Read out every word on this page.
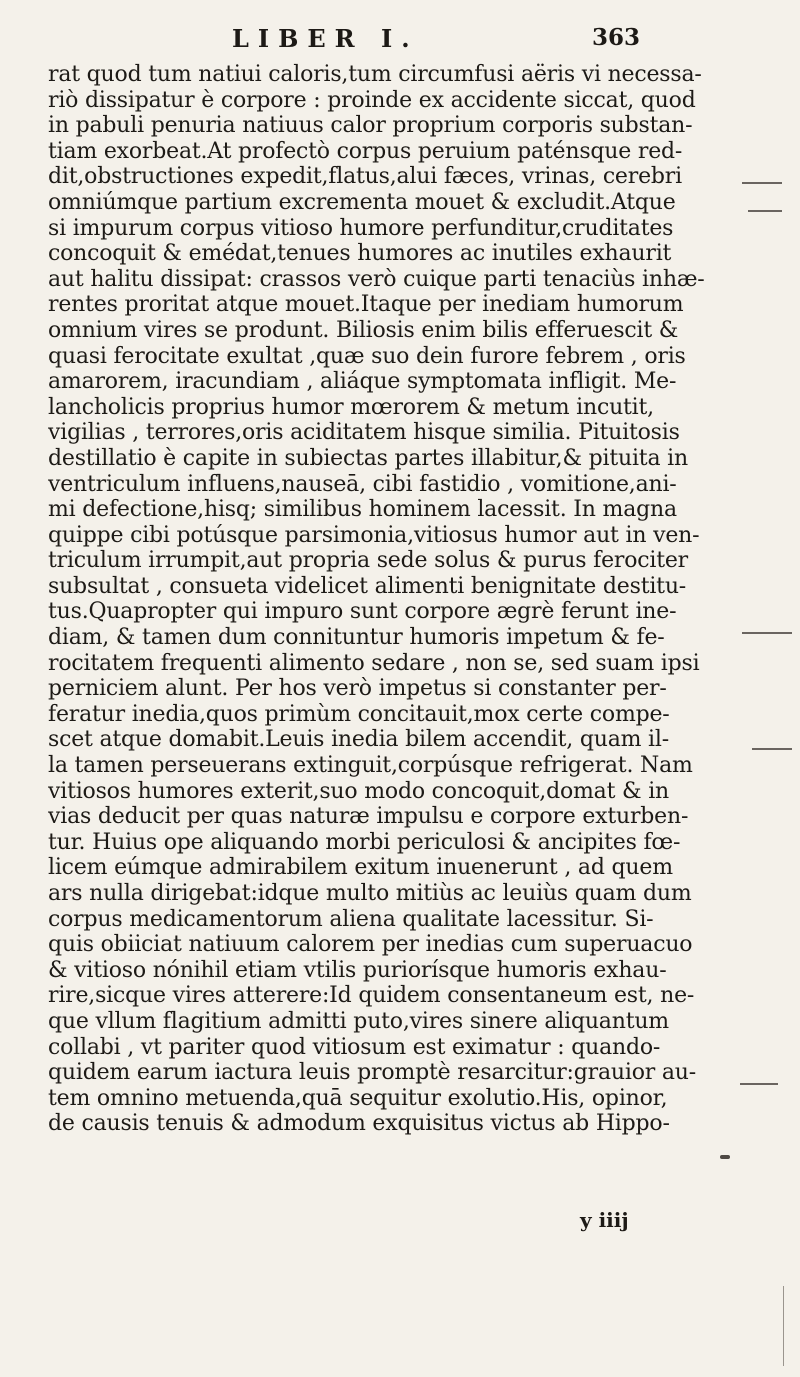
LIBER I.	363
rat quod tum natiui caloris,tum circumfusi aëris vi necessa-
riò dissipatur è corpore : proinde ex accidente siccat, quod
in pabuli penuria natiuus calor proprium corporis substan-
tiam exorbeat.At profectò corpus peruium paténsque red-
dit,obstructiones expedit,flatus,alui fæces, vrinas, cerebri
omniúmque partium excrementa mouet & excludit.Atque
si impurum corpus vitioso humore perfunditur,cruditates
concoquit & emédat,tenues humores ac inutiles exhaurit
aut halitu dissipat: crassos verò cuique parti tenaciùs inhæ-
rentes proritat atque mouet.Itaque per inediam humorum
omnium vires se produnt. Biliosis enim bilis efferuescit &
quasi ferocitate exultat ,quæ suo dein furore febrem , oris
amarorem, iracundiam , aliáque symptomata infligit. Me-
lancholicis proprius humor mœrorem & metum incutit,
vigilias , terrores,oris aciditatem hisque similia. Pituitosis
destillatio è capite in subiectas partes illabitur,& pituita in
ventriculum influens,nauseā, cibi fastidio , vomitione,ani-
mi defectione,hisq; similibus hominem lacessit. In magna
quippe cibi potúsque parsimonia,vitiosus humor aut in ven-
triculum irrumpit,aut propria sede solus & purus ferociter
subsultat , consueta videlicet alimenti benignitate destitu-
tus.Quapropter qui impuro sunt corpore ægrè ferunt ine-
diam, & tamen dum connituntur humoris impetum & fe-
rocitatem frequenti alimento sedare , non se, sed suam ipsi
perniciem alunt. Per hos verò impetus si constanter per-
feratur inedia,quos primùm concitauit,mox certe compe-
scet atque domabit.Leuis inedia bilem accendit, quam il-
la tamen perseuerans extinguit,corpúsque refrigerat. Nam
vitiosos humores exterit,suo modo concoquit,domat & in
vias deducit per quas naturæ impulsu e corpore exturben-
tur. Huius ope aliquando morbi periculosi & ancipites fœ-
licem eúmque admirabilem exitum inuenerunt , ad quem
ars nulla dirigebat:idque multo mitiùs ac leuiùs quam dum
corpus medicamentorum aliena qualitate lacessitur. Si-
quis obiiciat natiuum calorem per inedias cum superuacuo
& vitioso nónihil etiam vtilis puriorísque humoris exhau-
rire,sicque vires atterere:Id quidem consentaneum est, ne-
que vllum flagitium admitti puto,vires sinere aliquantum
collabi , vt pariter quod vitiosum est eximatur : quando-
quidem earum iactura leuis promptè resarcitur:grauior au-
tem omnino metuenda,quā sequitur exolutio.His, opinor,
de causis tenuis & admodum exquisitus victus ab Hippo-
y iiij
